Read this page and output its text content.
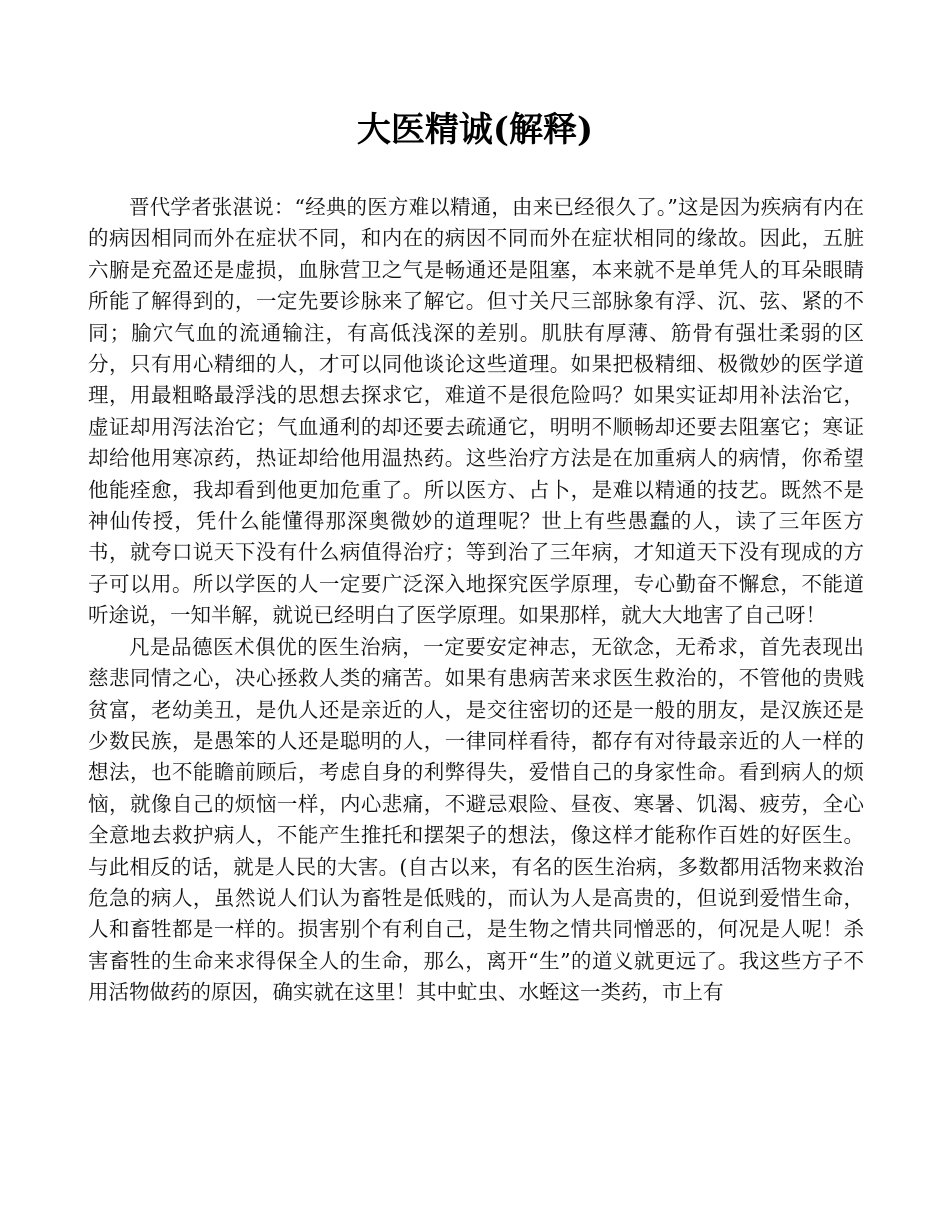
大医精诚(解释)

晋代学者张湛说：“经典的医方难以精通，由来已经很久了。”这是因为疾病有内在的病因相同而外在症状不同，和内在的病因不同而外在症状相同的缘故。因此，五脏六腑是充盈还是虚损，血脉营卫之气是畅通还是阻塞，本来就不是单凭人的耳朵眼睛所能了解得到的，一定先要诊脉来了解它。但寸关尺三部脉象有浮、沉、弦、紧的不同；腧穴气血的流通输注，有高低浅深的差别。肌肤有厚薄、筋骨有强壮柔弱的区分，只有用心精细的人，才可以同他谈论这些道理。如果把极精细、极微妙的医学道理，用最粗略最浮浅的思想去探求它，难道不是很危险吗？如果实证却用补法治它，虚证却用泻法治它；气血通利的却还要去疏通它，明明不顺畅却还要去阻塞它；寒证却给他用寒凉药，热证却给他用温热药。这些治疗方法是在加重病人的病情，你希望他能痊愈，我却看到他更加危重了。所以医方、占卜，是难以精通的技艺。既然不是神仙传授，凭什么能懂得那深奥微妙的道理呢？世上有些愚蠢的人，读了三年医方书，就夸口说天下没有什么病值得治疗；等到治了三年病，才知道天下没有现成的方子可以用。所以学医的人一定要广泛深入地探究医学原理，专心勤奋不懈怠，不能道听途说，一知半解，就说已经明白了医学原理。如果那样，就大大地害了自己呀！

凡是品德医术俱优的医生治病，一定要安定神志，无欲念，无希求，首先表现出慈悲同情之心，决心拯救人类的痛苦。如果有患病苦来求医生救治的，不管他的贵贱贫富，老幼美丑，是仇人还是亲近的人，是交往密切的还是一般的朋友，是汉族还是少数民族，是愚笨的人还是聪明的人，一律同样看待，都存有对待最亲近的人一样的想法，也不能瞻前顾后，考虑自身的利弊得失，爱惜自己的身家性命。看到病人的烦恼，就像自己的烦恼一样，内心悲痛，不避忌艰险、昼夜、寒暑、饥渴、疲劳，全心全意地去救护病人，不能产生推托和摆架子的想法，像这样才能称作百姓的好医生。与此相反的话，就是人民的大害。(自古以来，有名的医生治病，多数都用活物来救治危急的病人，虽然说人们认为畜牲是低贱的，而认为人是高贵的，但说到爱惜生命，人和畜牲都是一样的。损害别个有利自己，是生物之情共同憎恶的，何况是人呢！杀害畜牲的生命来求得保全人的生命，那么，离开“生”的道义就更远了。我这些方子不用活物做药的原因，确实就在这里！其中虻虫、水蛭这一类药，市上有
